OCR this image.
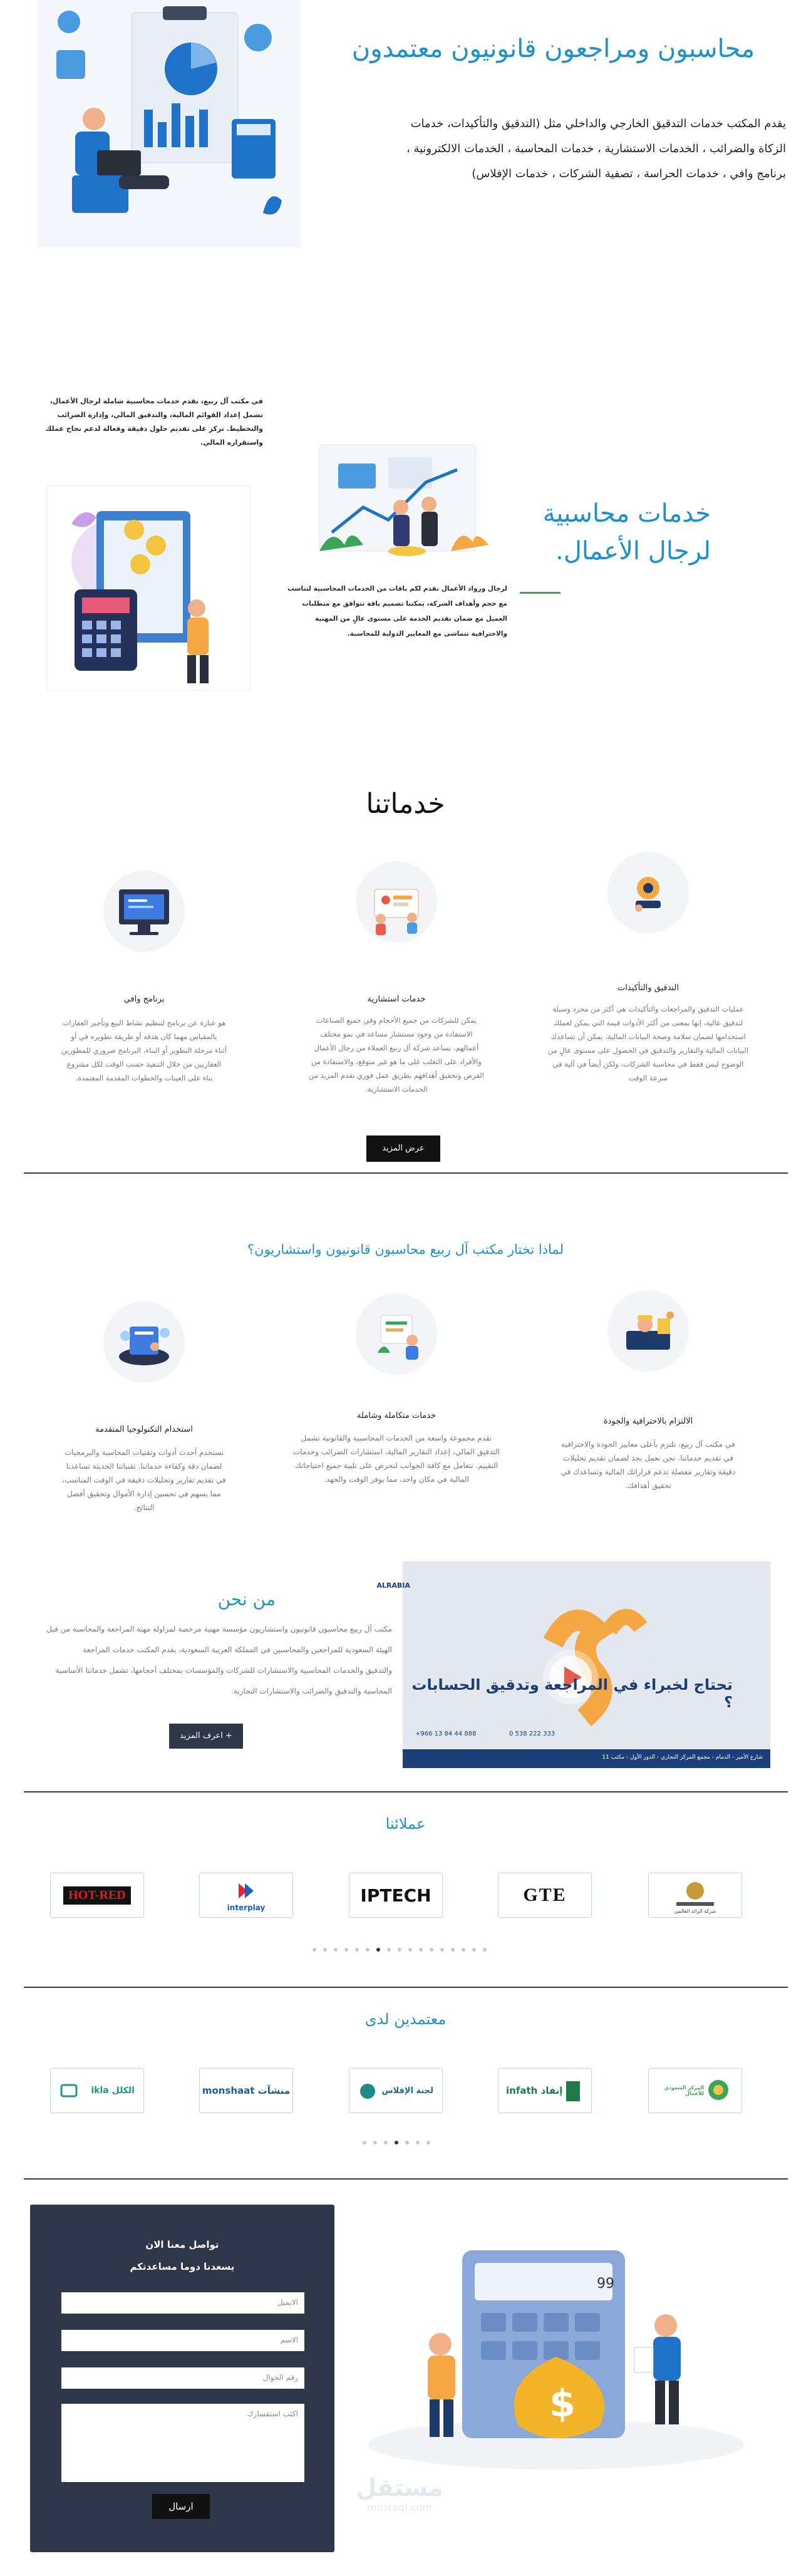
محاسبون ومراجعون قانونيون معتمدون
يقدم المكتب خدمات التدقيق الخارجي والداخلي مثل (التدقيق والتأكيدات، خدمات
الزكاة والضرائب ، الخدمات الاستشارية ، خدمات المحاسبة ، الخدمات الالكترونية ،
برنامج وافي ، خدمات الحراسة ، تصفية الشركات ، خدمات الإفلاس)
في مكتب آل ربيع، نقدم خدمات محاسبية شاملة لرجال الأعمال،
تشمل إعداد القوائم المالية، والتدقيق المالي، وإدارة الضرائب
والتخطيط. نركز على تقديم حلول دقيقة وفعالة لدعم نجاح عملك
واستقراره المالي.
لرجال ورواد الأعمال نقدم لكم باقات من الخدمات المحاسبية لتناسب
مع حجم وأهداف الشركة، يمكننا تصميم باقة تتوافق مع متطلبات
العميل مع ضمان تقديم الخدمة على مستوى عالٍ من المهنية
والاحترافية تتماشى مع المعايير الدولية للمحاسبة.
خدمات محاسبية
لرجال الأعمال.
خدماتنا
التدقيق والتأكيدات
عمليات التدقيق والمراجعات والتأكيدات هي أكثر من مجرد وسيلة
لتدقيق عالية، إنها بمعنى من أكثر الأدوات قيمة التي يمكن لعملك
استخدامها لضمان سلامة وصحة البيانات المالية، يمكن أن تساعدك
البيانات المالية والتقارير والتدقيق في الحصول على مستوى عالٍ من
الوضوح ليس فقط في محاسبة الشركات، ولكن أيضاً في آلية في
سرعة الوقت
خدمات استشارية
يمكن للشركات من جميع الأحجام وفي جميع الصناعات
الاستفادة من وجود مستشار مساعد في نمو مختلف
أعمالهم، نساعد شركة آل ربيع العملاء من رجال الأعمال
والأفراد على التغلب على ما هو غير متوقع، والاستفادة من
الفرص وتحقيق أهدافهم بطريق عمل فوري نقدم المزيد من
الخدمات الاستشارية.
برنامج وافي
هو عبارة عن برنامج لتنظيم نشاط البيع وتأجير العقارات
بالمقياس مهما كان هدفه أو طريقة تطويره في أو
أثناء مرحلة التطوير أو البناء، البرنامج ضروري للمطورين
العقاريين من خلال التنفيذ حسب الوقت لكل مشروع
بناء على العينات والخطوات المقدمة المعتمدة.
عرض المزيد
لماذا تختار مكتب آل ربيع محاسبون قانونيون واستشاريون؟
الالتزام بالاحترافية والجودة
في مكتب آل ربيع، نلتزم بأعلى معايير الجودة والاحترافية
في تقديم خدماتنا. نحن نعمل بجد لضمان تقديم تحليلات
دقيقة وتقارير مفصلة تدعم قراراتك المالية وتساعدك في
تحقيق أهدافك.
خدمات متكاملة وشاملة
نقدم مجموعة واسعة من الخدمات المحاسبية والقانونية تشمل
التدقيق المالي، إعداد التقارير المالية، استشارات الضرائب وخدمات
التقييم. نتعامل مع كافة الجوانب لنحرص على تلبية جميع احتياجاتك
المالية في مكان واحد، مما يوفر الوقت والجهد.
استخدام التكنولوجيا المتقدمة
نستخدم أحدث أدوات وتقنيات المحاسبة والبرمجيات
لضمان دقة وكفاءة خدماتنا. تقنياتنا الحديثة تساعدنا
في تقديم تقارير وتحليلات دقيقة في الوقت المناسب،
مما يسهم في تحسين إدارة الأموال وتحقيق أفضل
النتائج.
ALRABIA
تحتاج لخبراء في المراجعة وتدقيق الحسابات ؟
+966 13 84 44 888	0 538 222 333
شارع الأمير - الدمام - مجمع المركز التجاري - الدور الأول - مكتب 11
من نحن
مكتب آل ربيع محاسبون قانونيون واستشاريون مؤسسة مهنية مرخصة لمزاولة مهنة المراجعة والمحاسبة من قبل
الهيئة السعودية للمراجعين والمحاسبين في المملكة العربية السعودية، يقدم المكتب خدمات المراجعة
والتدقيق والخدمات المحاسبية والاستشارات للشركات والمؤسسات بمختلف أحجامها، تشمل خدماتنا الأساسية
المحاسبة والتدقيق والضرائب والاستشارات التجارية.
+ اعرف المزيد
عملائنا
شركة الرائد العالمي
GTE
IPTECH
interplay
HOT-RED
معتمدين لدى
المركز السعودي للأعمال
إنفاذ infath
لجنة الإفلاس
منشآت monshaat
الكلل ikla
تواصل معنا الان
يسعدنا دوما مساعدتكم
الايميل
الاسم
رقم الجوال
اكتب استفسارك
ارسال
99
$
مستقل
mostaql.com
